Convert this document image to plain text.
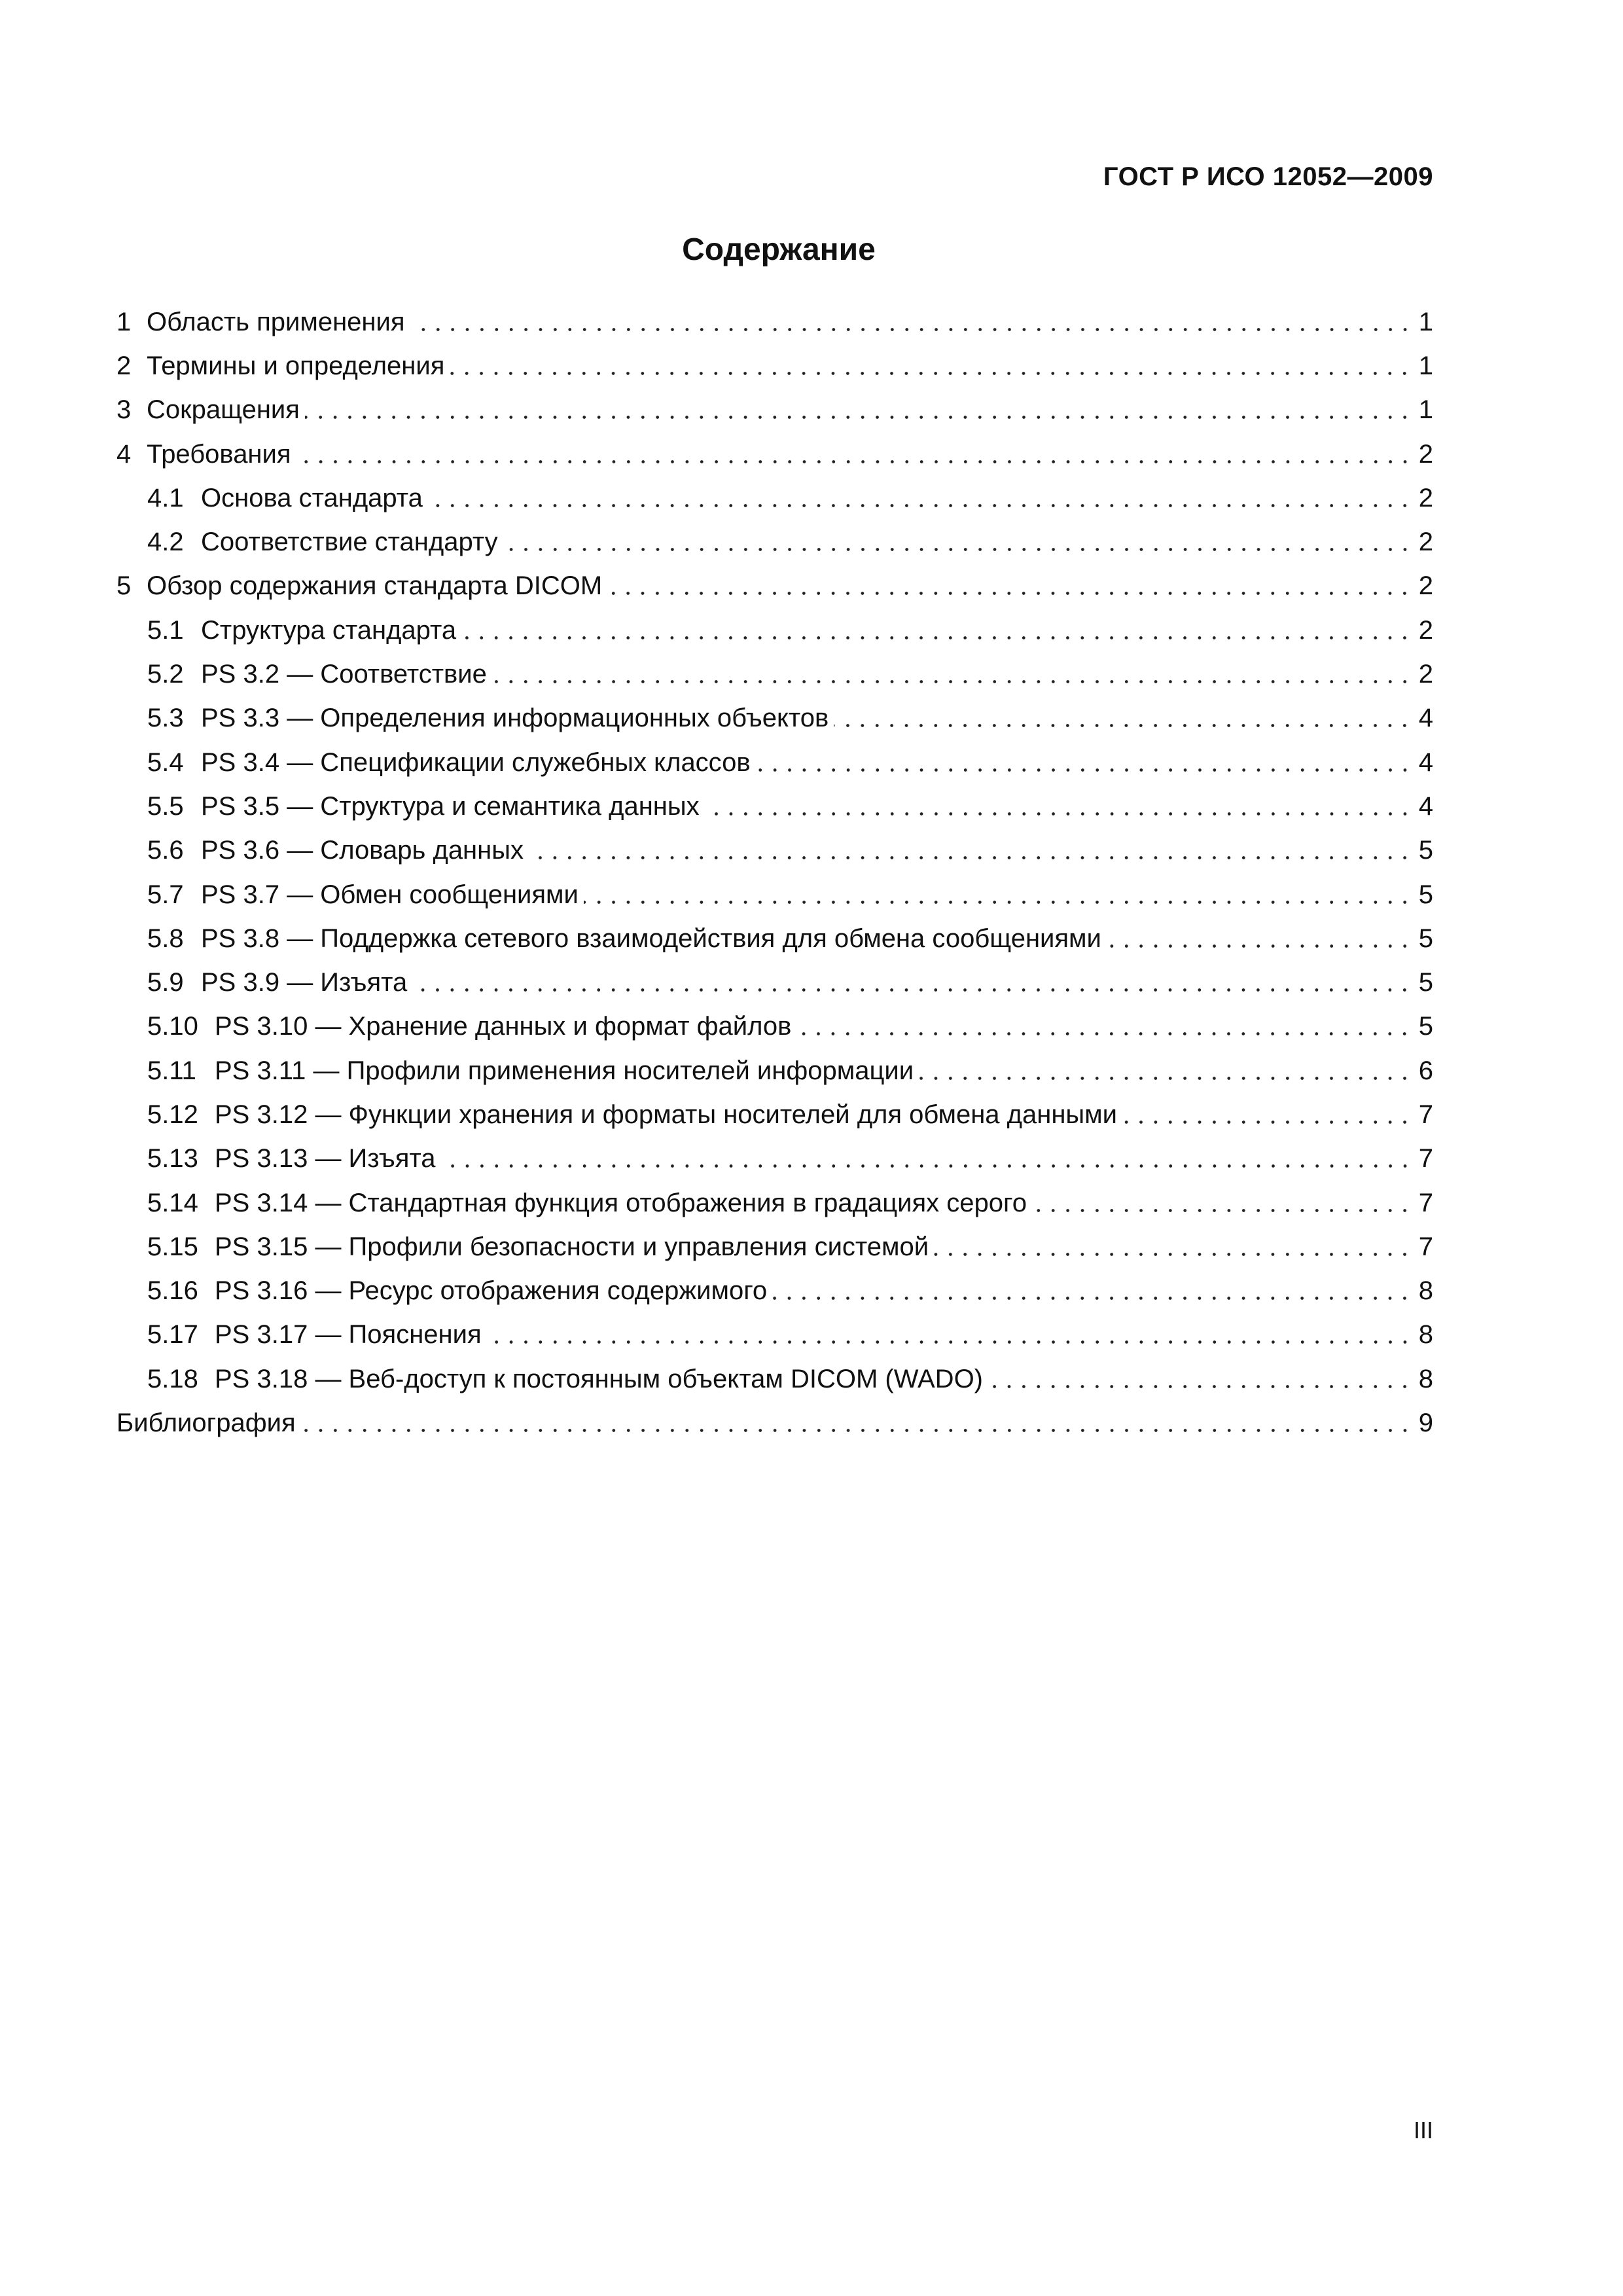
ГОСТ Р ИСО 12052—2009
Содержание
1 Область применения	1
2 Термины и определения	1
3 Сокращения	1
4 Требования	2
4.1 Основа стандарта	2
4.2 Соответствие стандарту	2
5 Обзор содержания стандарта DICOM	2
5.1 Структура стандарта	2
5.2 PS 3.2 — Соответствие	2
5.3 PS 3.3 — Определения информационных объектов	4
5.4 PS 3.4 — Спецификации служебных классов	4
5.5 PS 3.5 — Структура и семантика данных	4
5.6 PS 3.6 — Словарь данных	5
5.7 PS 3.7 — Обмен сообщениями	5
5.8 PS 3.8 — Поддержка сетевого взаимодействия для обмена сообщениями	5
5.9 PS 3.9 — Изъята	5
5.10 PS 3.10 — Хранение данных и формат файлов	5
5.11 PS 3.11 — Профили применения носителей информации	6
5.12 PS 3.12 — Функции хранения и форматы носителей для обмена данными	7
5.13 PS 3.13 — Изъята	7
5.14 PS 3.14 — Стандартная функция отображения в градациях серого	7
5.15 PS 3.15 — Профили безопасности и управления системой	7
5.16 PS 3.16 — Ресурс отображения содержимого	8
5.17 PS 3.17 — Пояснения	8
5.18 PS 3.18 — Веб-доступ к постоянным объектам DICOM (WADO)	8
Библиография	9
III
